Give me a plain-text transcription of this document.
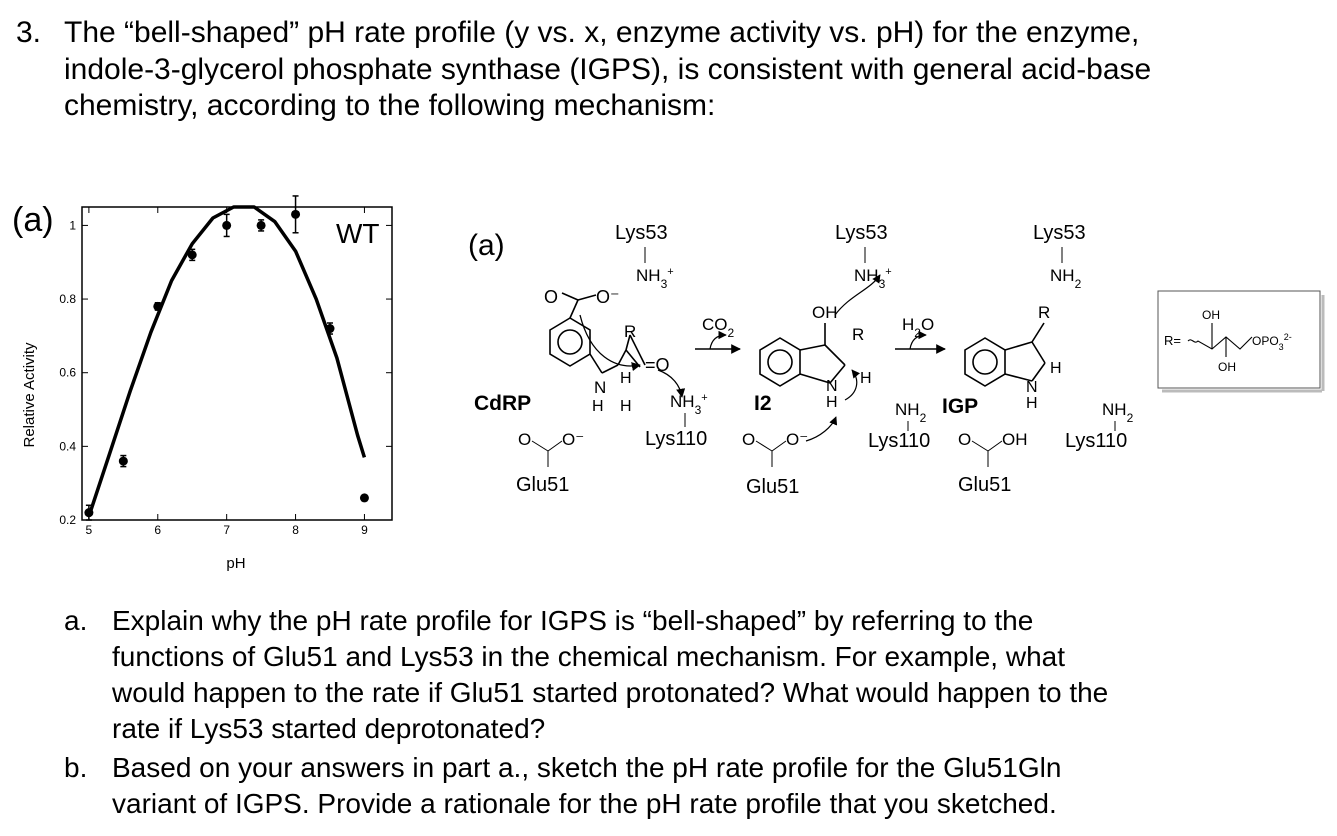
3. The “bell-shaped” pH rate profile (y vs. x, enzyme activity vs. pH) for the enzyme,
indole-3-glycerol phosphate synthase (IGPS), is consistent with general acid-base
chemistry, according to the following mechanism:
(a)
Relative Activity
pH
WT
5	6	7	8	9
0.2
0.4
0.6
0.8
1
(a)	Lys53
$NH_3^+$
O O⁻
R
=O
N H
H H
CdRP
O O⁻
Glu51
$NH_3^+$
Lys110
$CO_2$
Lys53
$NH_3^+$
OH
R
H
N
H
I2
O O⁻
Glu51
$H_2O$
$NH_2$
Lys110
Lys53
$NH_2$
R
H
N
H
IGP
O OH
Glu51
$NH_2$
Lys110
R=
OH
OH
$OPO_3^{2-}$
a. Explain why the pH rate profile for IGPS is “bell-shaped” by referring to the
functions of Glu51 and Lys53 in the chemical mechanism. For example, what
would happen to the rate if Glu51 started protonated? What would happen to the
rate if Lys53 started deprotonated?
b. Based on your answers in part a., sketch the pH rate profile for the Glu51Gln
variant of IGPS. Provide a rationale for the pH rate profile that you sketched.
